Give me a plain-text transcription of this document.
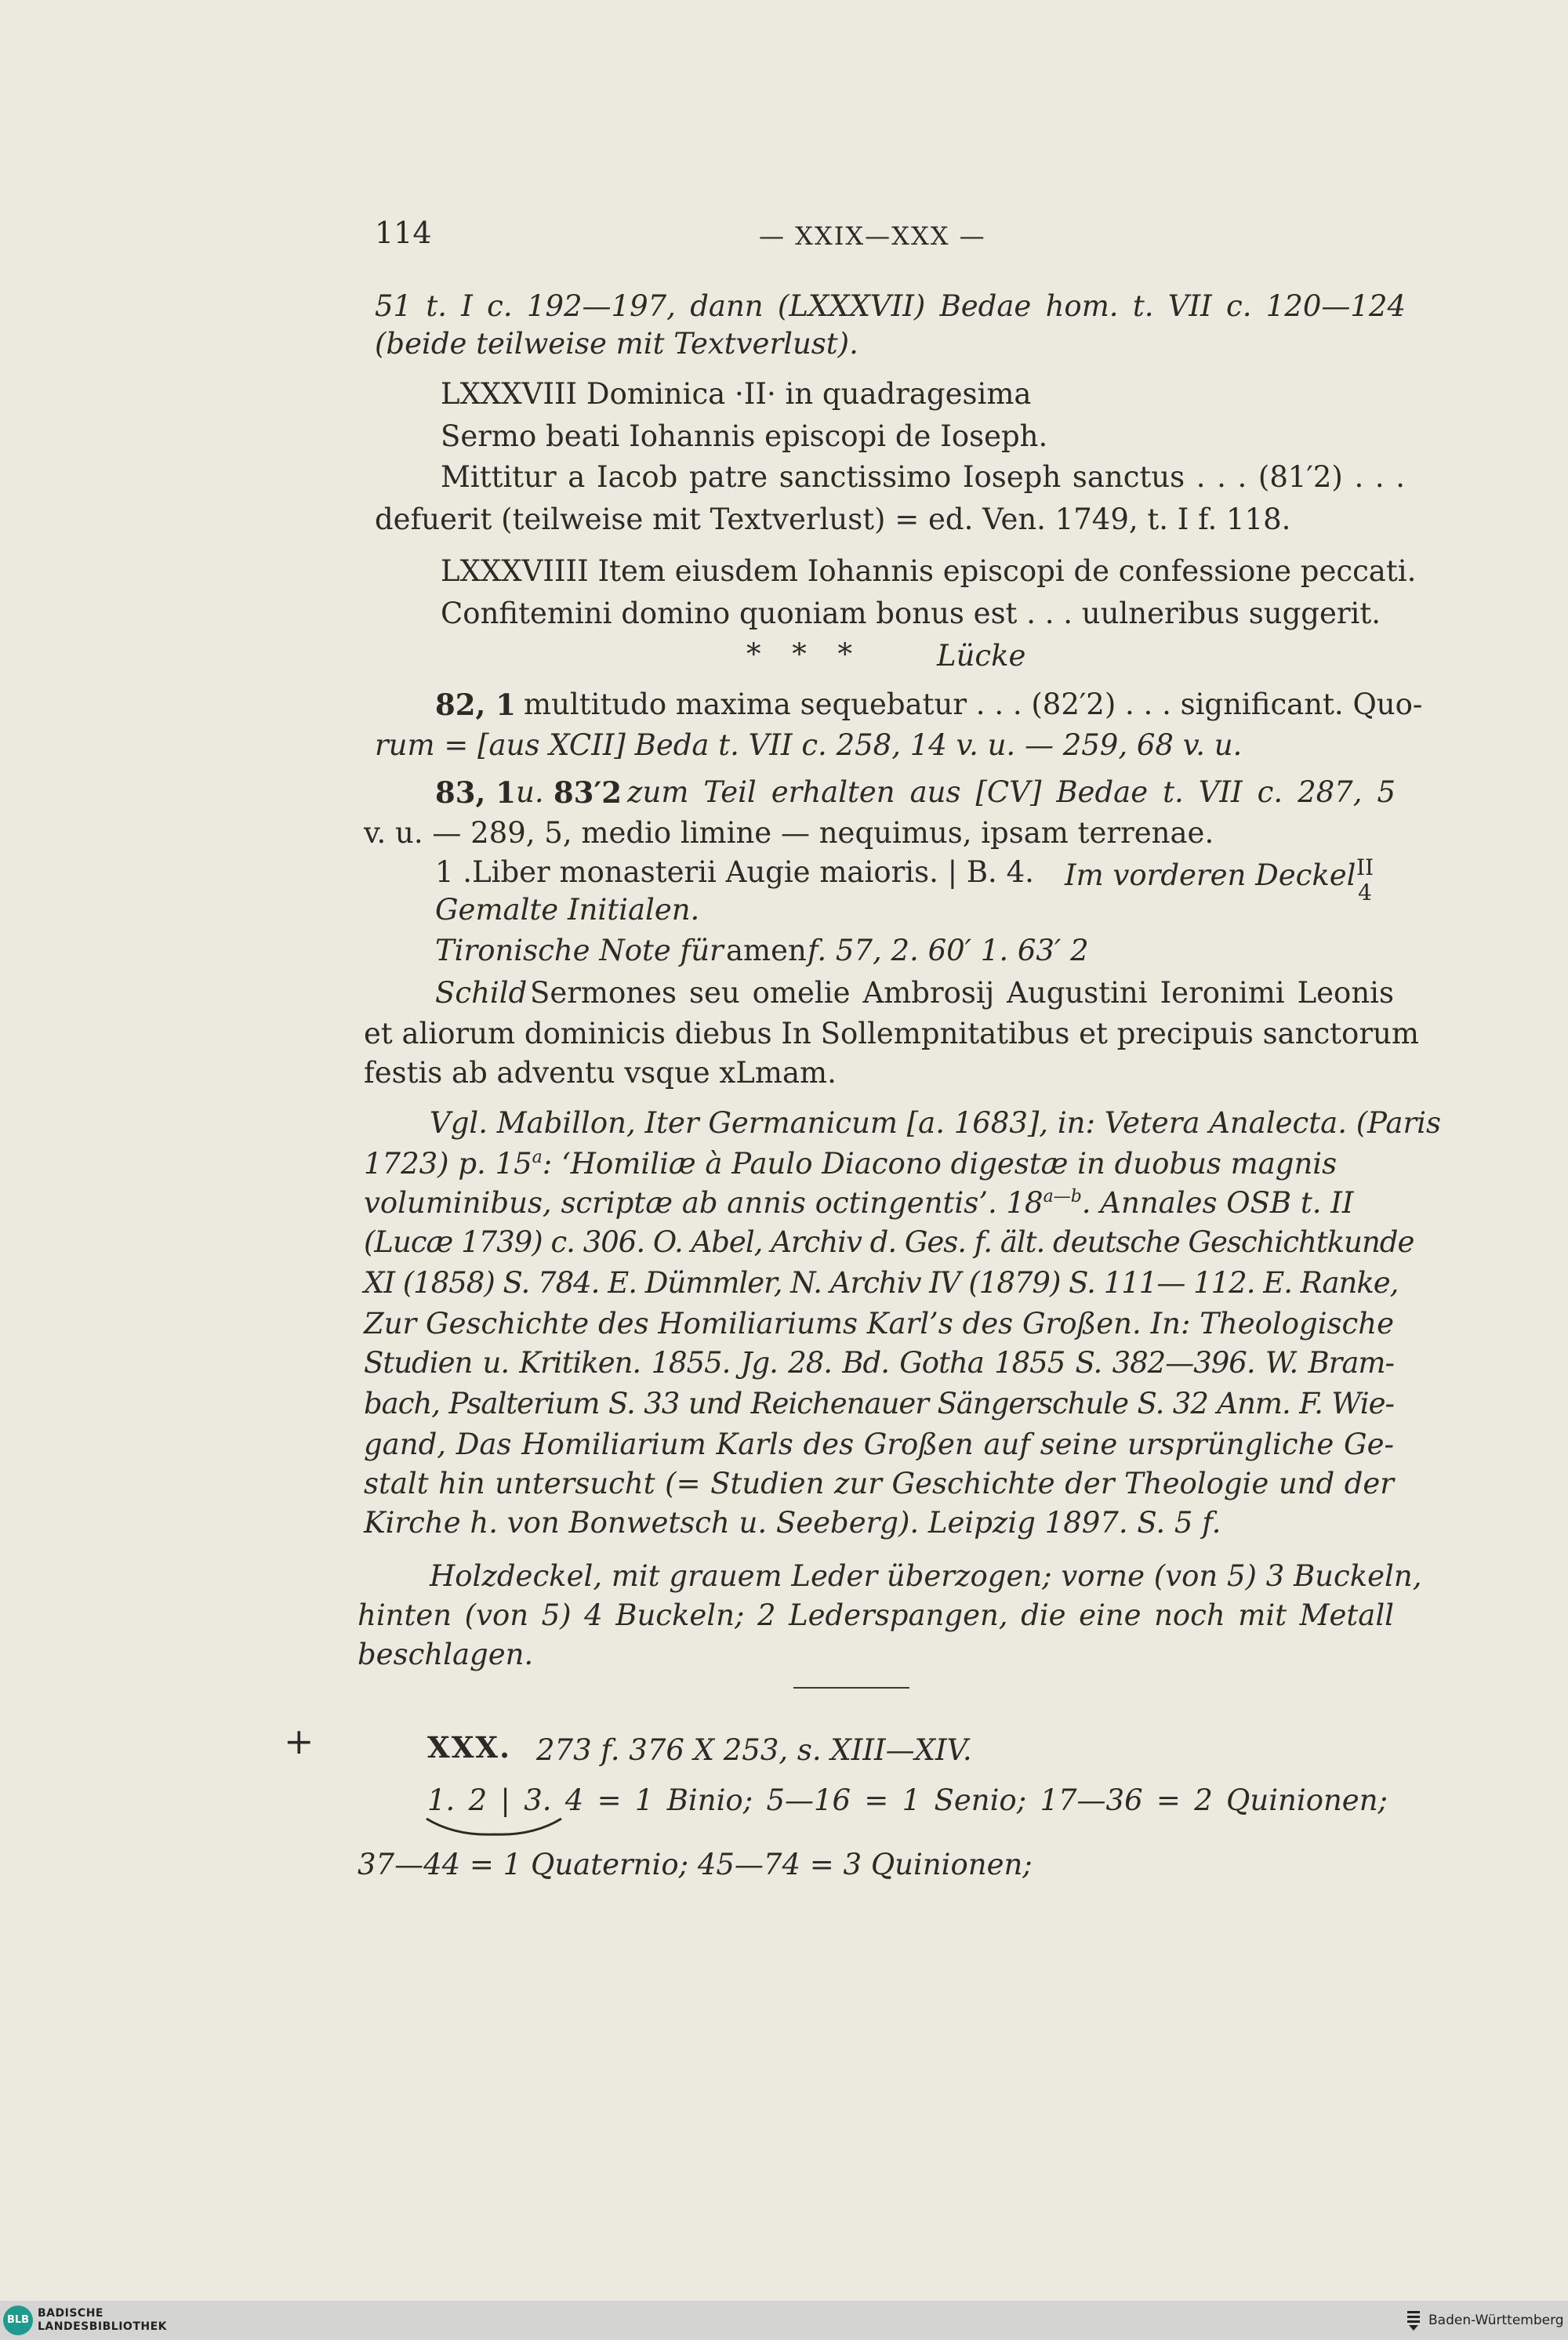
114	— XXIX—XXX —
51 t. I c. 192—197, dann (LXXXVII) Bedae hom. t. VII c. 120—124
(beide teilweise mit Textverlust).
LXXXVIII Dominica ·II· in quadragesima
Sermo beati Iohannis episcopi de Ioseph.
Mittitur a Iacob patre sanctissimo Ioseph sanctus . . . (81′2) . . .
defuerit (teilweise mit Textverlust) = ed. Ven. 1749, t. I f. 118.
LXXXVIIII Item eiusdem Iohannis episcopi de confessione peccati.
Confitemini domino quoniam bonus est . . . uulneribus suggerit.
* * *	Lücke
82, 1 multitudo maxima sequebatur . . . (82′2) . . . significant. Quo-
rum = [aus XCII] Beda t. VII c. 258, 14 v. u. — 259, 68 v. u.
83, 1 u. 83′2 zum Teil erhalten aus [CV] Bedae t. VII c. 287, 5
v. u. — 289, 5, medio limine — nequimus, ipsam terrenae.
1 .Liber monasterii Augie maioris. | B. 4. Im vorderen Deckel II
4
Gemalte Initialen.
Tironische Note für amen f. 57, 2. 60′ 1. 63′ 2
Schild Sermones seu omelie Ambrosij Augustini Ieronimi Leonis
et aliorum dominicis diebus In Sollempnitatibus et precipuis sanctorum
festis ab adventu vsque xLmam.
Vgl. Mabillon, Iter Germanicum [a. 1683], in: Vetera Analecta. (Paris
1723) p. 15$^a$: ‘Homiliæ à Paulo Diacono digestæ in duobus magnis
voluminibus, scriptæ ab annis octingentis’. $18^{a—b}$. Annales OSB t. II
(Lucæ 1739) c. 306. O. Abel, Archiv d. Ges. f. ält. deutsche Geschichtkunde
XI (1858) S. 784. E. Dümmler, N. Archiv IV (1879) S. 111— 112. E. Ranke,
Zur Geschichte des Homiliariums Karl’s des Großen. In: Theologische
Studien u. Kritiken. 1855. Jg. 28. Bd. Gotha 1855 S. 382—396. W. Bram-
bach, Psalterium S. 33 und Reichenauer Sängerschule S. 32 Anm. F. Wie-
gand, Das Homiliarium Karls des Großen auf seine ursprüngliche Ge-
stalt hin untersucht (= Studien zur Geschichte der Theologie und der
Kirche h. von Bonwetsch u. Seeberg). Leipzig 1897. S. 5 f.
Holzdeckel, mit grauem Leder überzogen; vorne (von 5) 3 Buckeln,
hinten (von 5) 4 Buckeln; 2 Lederspangen, die eine noch mit Metall
beschlagen.
+	XXX. 273 f. 376 X 253, s. XIII—XIV.
1. 2 | 3. 4 = 1 Binio; 5—16 = 1 Senio; 17—36 = 2 Quinionen;
37—44 = 1 Quaternio; 45—74 = 3 Quinionen;
BLB
BADISCHE
LANDESBIBLIOTHEK	Baden-Württemberg
